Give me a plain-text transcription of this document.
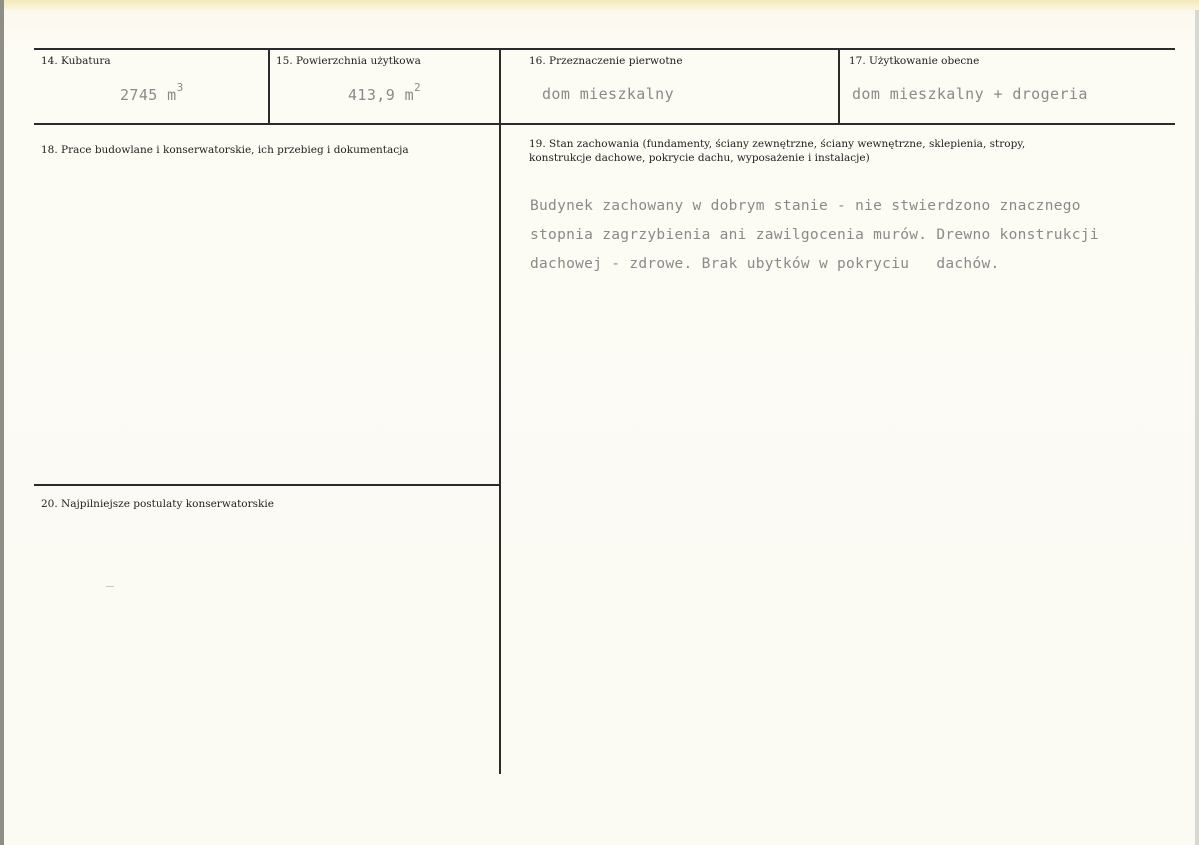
14. Kubatura
2745 $m^3$
15. Powierzchnia użytkowa
413,9 $m^2$
16. Przeznaczenie pierwotne
dom mieszkalny
17. Użytkowanie obecne
dom mieszkalny + drogeria
18. Prace budowlane i konserwatorskie, ich przebieg i dokumentacja	19. Stan zachowania (fundamenty, ściany zewnętrzne, ściany wewnętrzne, sklepienia, stropy,
konstrukcje dachowe, pokrycie dachu, wyposażenie i instalacje)
Budynek zachowany w dobrym stanie - nie stwierdzono znacznego
stopnia zagrzybienia ani zawilgocenia murów. Drewno konstrukcji
dachowej - zdrowe. Brak ubytków w pokryciu   dachów.
20. Najpilniejsze postulaty konserwatorskie
